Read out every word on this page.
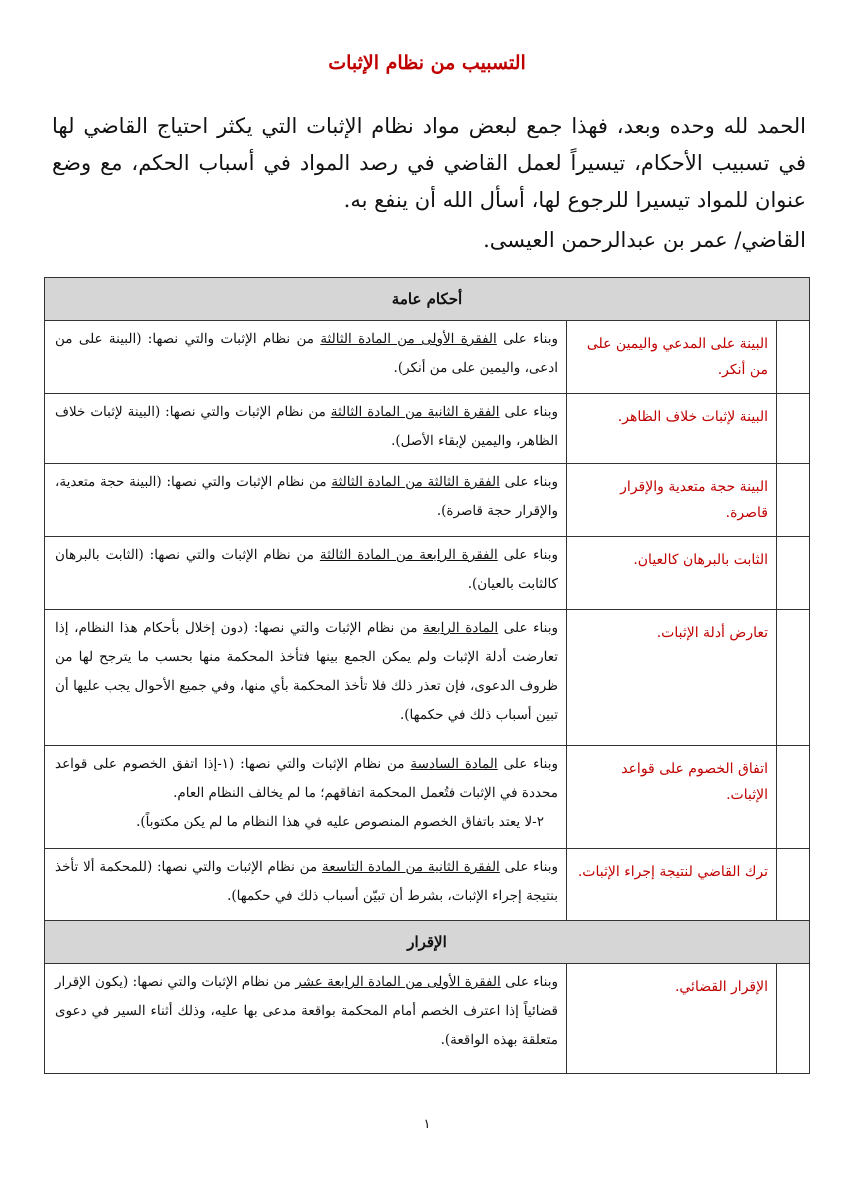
التسبيب من نظام الإثبات
الحمد لله وحده وبعد، فهذا جمع لبعض مواد نظام الإثبات التي يكثر احتياج القاضي لها في تسبيب الأحكام، تيسيراً لعمل القاضي في رصد المواد في أسباب الحكم، مع وضع عنوان للمواد تيسيرا للرجوع لها، أسأل الله أن ينفع به.
القاضي/ عمر بن عبدالرحمن العيسى.
أحكام عامة		
	البينة على المدعي واليمين على من أنكر.	وبناء على الفقرة الأولى من المادة الثالثة من نظام الإثبات والتي نصها: (البينة على من ادعى، واليمين على من أنكر).
	البينة لإثبات خلاف الظاهر.	وبناء على الفقرة الثانية من المادة الثالثة من نظام الإثبات والتي نصها: (البينة لإثبات خلاف الظاهر، واليمين لإبقاء الأصل).
	البينة حجة متعدية والإقرار قاصرة.	وبناء على الفقرة الثالثة من المادة الثالثة من نظام الإثبات والتي نصها: (البينة حجة متعدية، والإقرار حجة قاصرة).
	الثابت بالبرهان كالعيان.	وبناء على الفقرة الرابعة من المادة الثالثة من نظام الإثبات والتي نصها: (الثابت بالبرهان كالثابت بالعيان).
	تعارض أدلة الإثبات.	وبناء على المادة الرابعة من نظام الإثبات والتي نصها: (دون إخلال بأحكام هذا النظام، إذا تعارضت أدلة الإثبات ولم يمكن الجمع بينها فتأخذ المحكمة منها بحسب ما يترجح لها من ظروف الدعوى، فإن تعذر ذلك فلا تأخذ المحكمة بأي منها، وفي جميع الأحوال يجب عليها أن تبين أسباب ذلك في حكمها).
	اتفاق الخصوم على قواعد الإثبات.	وبناء على المادة السادسة من نظام الإثبات والتي نصها: (١-إذا اتفق الخصوم على قواعد محددة في الإثبات فتُعمل المحكمة اتفاقهم؛ ما لم يخالف النظام العام.
٢-لا يعتد باتفاق الخصوم المنصوص عليه في هذا النظام ما لم يكن مكتوباً).

	ترك القاضي لنتيجة إجراء الإثبات.	وبناء على الفقرة الثانية من المادة التاسعة من نظام الإثبات والتي نصها: (للمحكمة ألا تأخذ بنتيجة إجراء الإثبات، بشرط أن تبيّن أسباب ذلك في حكمها).
الإقرار		
	الإقرار القضائي.	وبناء على الفقرة الأولى من المادة الرابعة عشر من نظام الإثبات والتي نصها: (يكون الإقرار قضائياً إذا اعترف الخصم أمام المحكمة بواقعة مدعى بها عليه، وذلك أثناء السير في دعوى متعلقة بهذه الواقعة).
١
